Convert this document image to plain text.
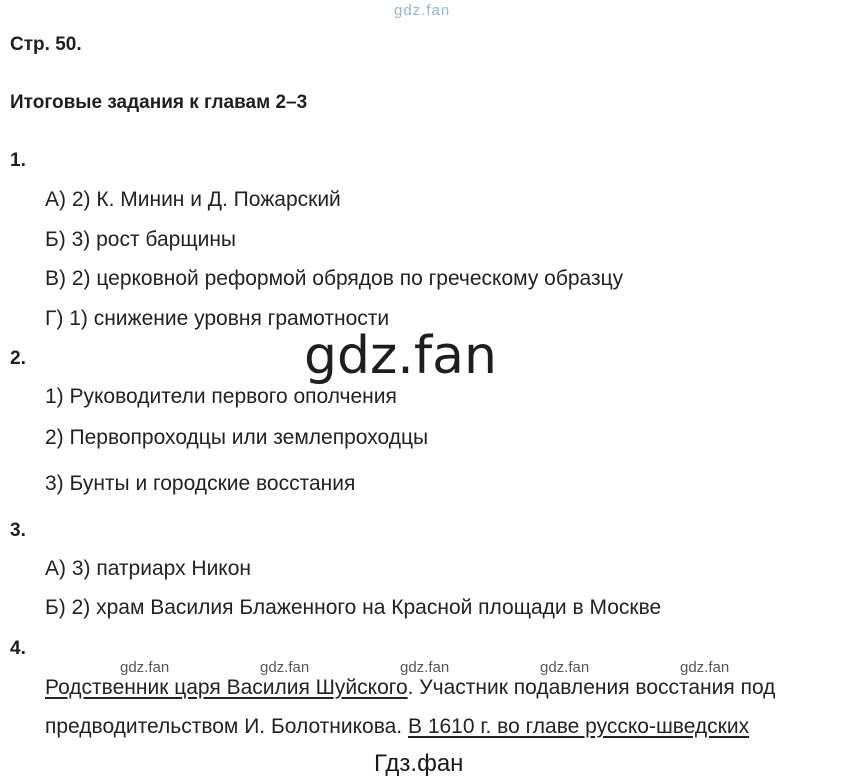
gdz.fan
Стр. 50.
Итоговые задания к главам 2–3
1.
А) 2) К. Минин и Д. Пожарский
Б) 3) рост барщины
В) 2) церковной реформой обрядов по греческому образцу
Г) 1) снижение уровня грамотности
gdz.fan
2.
1) Руководители первого ополчения
2) Первопроходцы или землепроходцы
3) Бунты и городские восстания
3.
А) 3) патриарх Никон
Б) 2) храм Василия Блаженного на Красной площади в Москве
4.
gdz.fan	gdz.fan	gdz.fan	gdz.fan	gdz.fan
Родственник царя Василия Шуйского. Участник подавления восстания под
предводительством И. Болотникова. В 1610 г. во главе русско-шведских
Гдз.фан
